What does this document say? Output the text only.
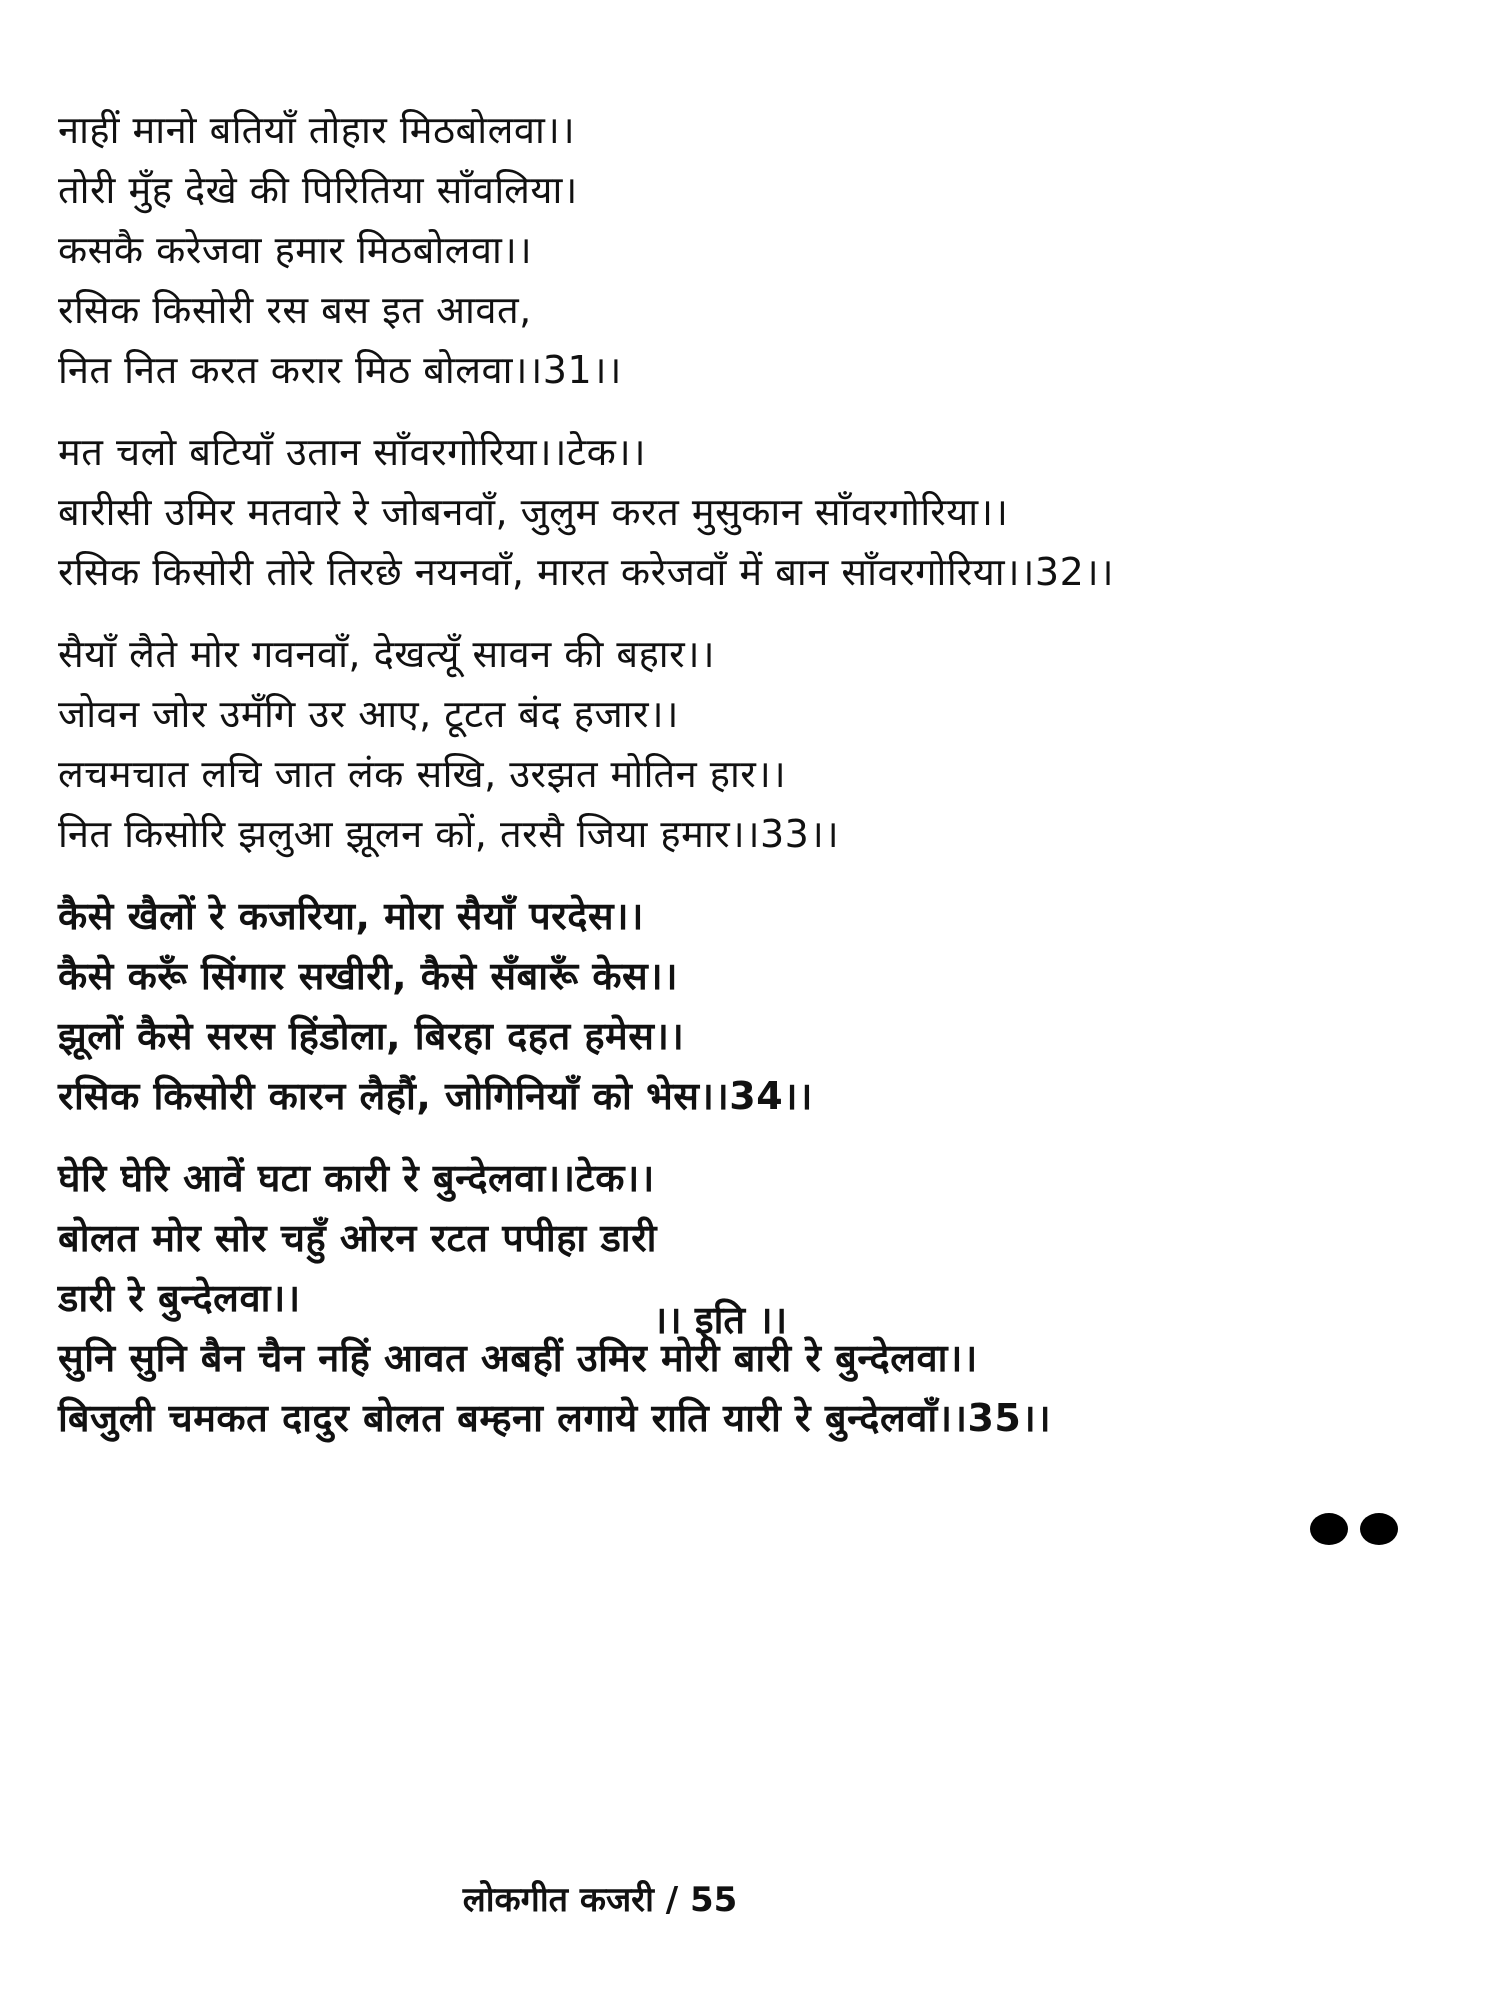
नाहीं मानो बतियाँ तोहार मिठबोलवा।।
तोरी मुँह देखे की पिरितिया साँवलिया।
कसकै करेजवा हमार मिठबोलवा।।
रसिक किसोरी रस बस इत आवत,
नित नित करत करार मिठ बोलवा।।31।।
मत चलो बटियाँ उतान साँवरगोरिया।।टेक।।
बारीसी उमिर मतवारे रे जोबनवाँ, जुलुम करत मुसुकान साँवरगोरिया।।
रसिक किसोरी तोरे तिरछे नयनवाँ, मारत करेजवाँ में बान साँवरगोरिया।।32।।
सैयाँ लैते मोर गवनवाँ, देखत्यूँ सावन की बहार।।
जोवन जोर उमँगि उर आए, टूटत बंद हजार।।
लचमचात लचि जात लंक सखि, उरझत मोतिन हार।।
नित किसोरि झलुआ झूलन कों, तरसै जिया हमार।।33।।
कैसे खैलों रे कजरिया, मोरा सैयाँ परदेस।।
कैसे करूँ सिंगार सखीरी, कैसे सँबारूँ केस।।
झूलों कैसे सरस हिंडोला, बिरहा दहत हमेस।।
रसिक किसोरी कारन लैहौं, जोगिनियाँ को भेस।।34।।
घेरि घेरि आवें घटा कारी रे बुन्देलवा।।टेक।।
बोलत मोर सोर चहुँ ओरन रटत पपीहा डारी
डारी रे बुन्देलवा।।
सुनि सुनि बैन चैन नहिं आवत अबहीं उमिर मोरी बारी रे बुन्देलवा।।
बिजुली चमकत दादुर बोलत बम्हना लगाये राति यारी रे बुन्देलवाँ।।35।।
।। इति ।।
लोकगीत कजरी / 55
